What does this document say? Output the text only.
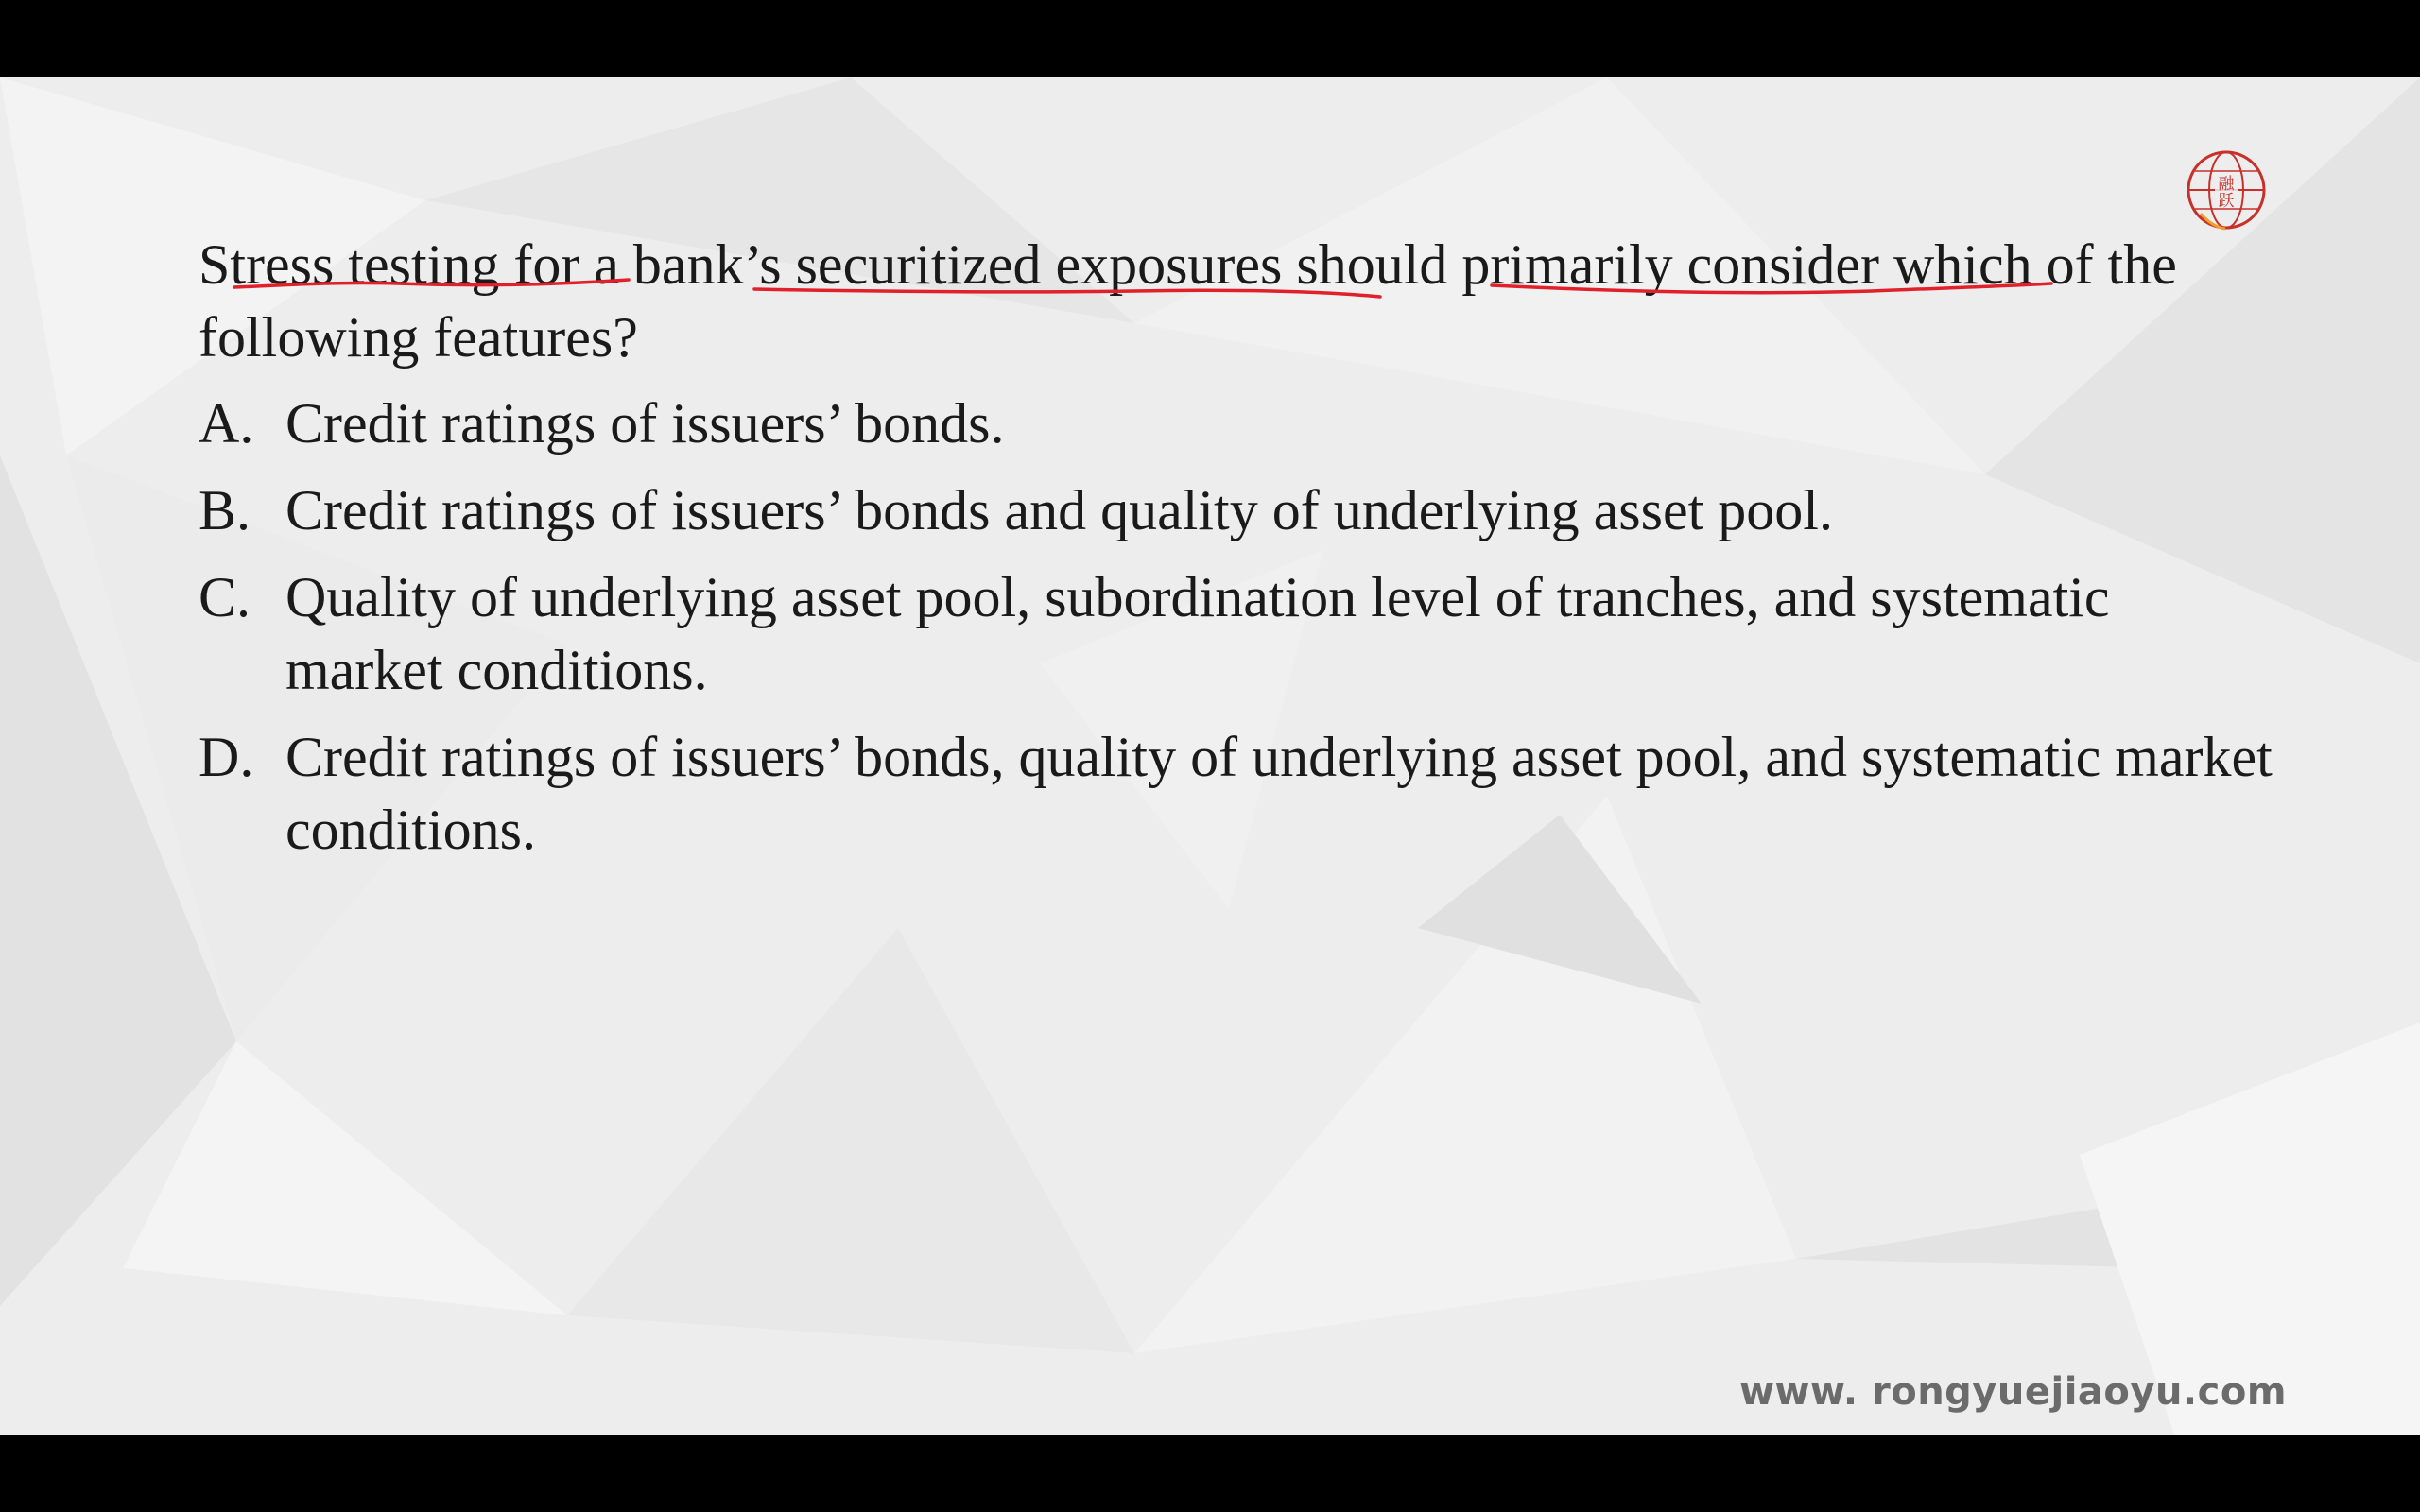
Stress testing for a bank’s securitized exposures should primarily consider which of the following features?
A. Credit ratings of issuers’ bonds.
B. Credit ratings of issuers’ bonds and quality of underlying asset pool.
C. Quality of underlying asset pool, subordination level of tranches, and systematic market conditions.
D. Credit ratings of issuers’ bonds, quality of underlying asset pool, and systematic market conditions.
融
跃
www. rongyuejiaoyu.com
